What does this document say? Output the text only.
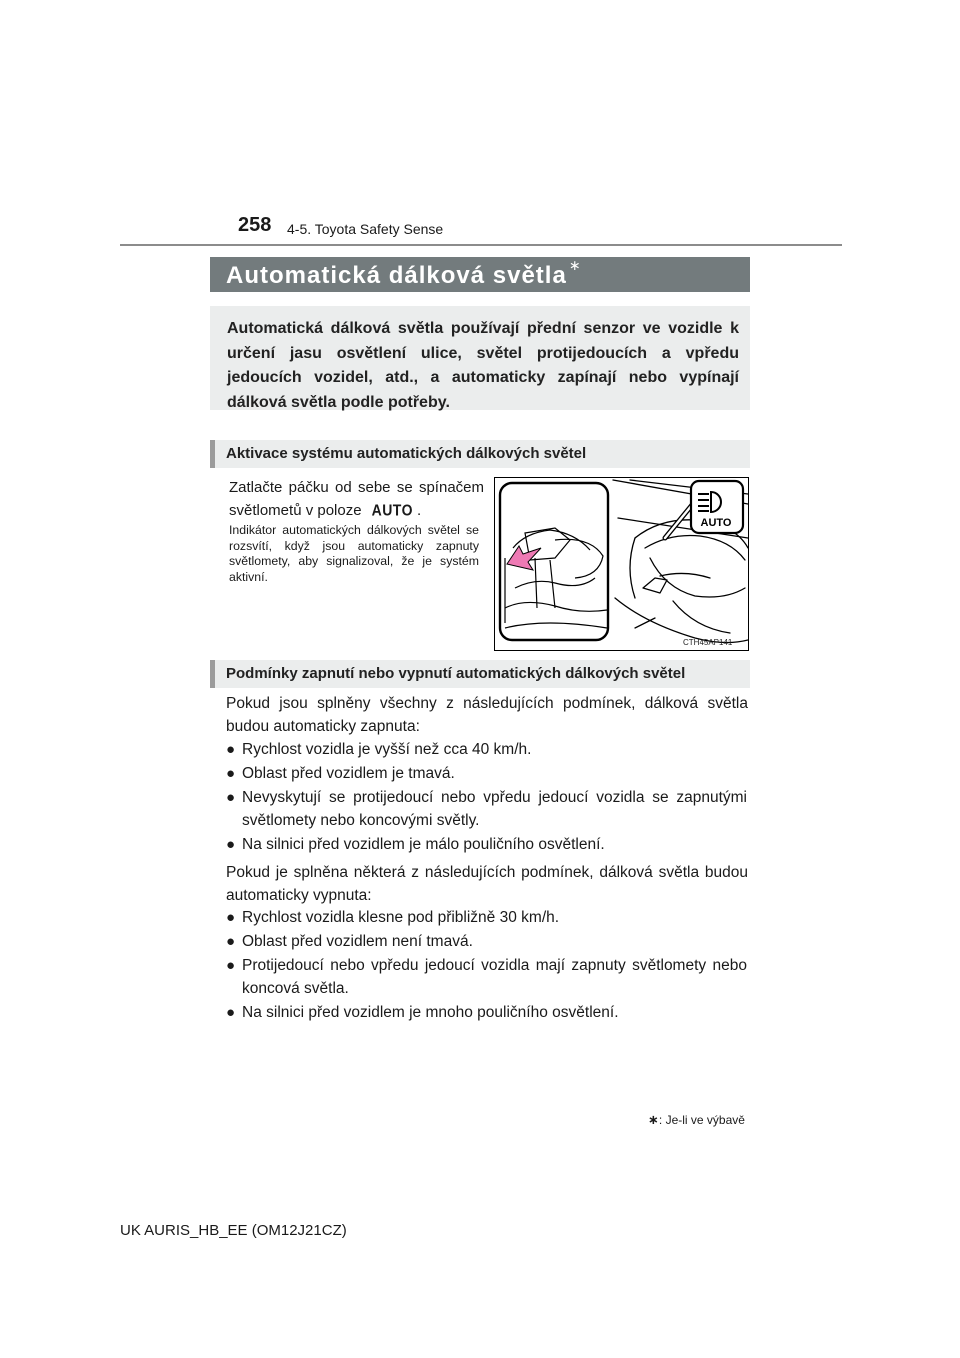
258 4-5. Toyota Safety Sense
Automatická dálková světla ∗
Automatická dálková světla používají přední senzor ve vozidle k určení jasu osvětlení ulice, světel protijedoucích a vpředu jedoucích vozidel, atd., a automaticky zapínají nebo vypínají dálková světla podle potřeby.
Aktivace systému automatických dálkových světel
Zatlačte páčku od sebe se spínačem světlometů v poloze AUTO .
Indikátor automatických dálkových světel se rozsvítí, když jsou automaticky zapnuty světlomety, aby signalizoval, že je systém aktivní.
AUTO
CTH45AP141
Podmínky zapnutí nebo vypnutí automatických dálkových světel
Pokud jsou splněny všechny z následujících podmínek, dálková světla budou automaticky zapnuta:
● Rychlost vozidla je vyšší než cca 40 km/h.
● Oblast před vozidlem je tmavá.
● Nevyskytují se protijedoucí nebo vpředu jedoucí vozidla se zapnutými světlomety nebo koncovými světly.
● Na silnici před vozidlem je málo pouličního osvětlení.
Pokud je splněna některá z následujících podmínek, dálková světla budou automaticky vypnuta:
● Rychlost vozidla klesne pod přibližně 30 km/h.
● Oblast před vozidlem není tmavá.
● Protijedoucí nebo vpředu jedoucí vozidla mají zapnuty světlomety nebo koncová světla.
● Na silnici před vozidlem je mnoho pouličního osvětlení.
∗: Je-li ve výbavě
UK AURIS_HB_EE (OM12J21CZ)
